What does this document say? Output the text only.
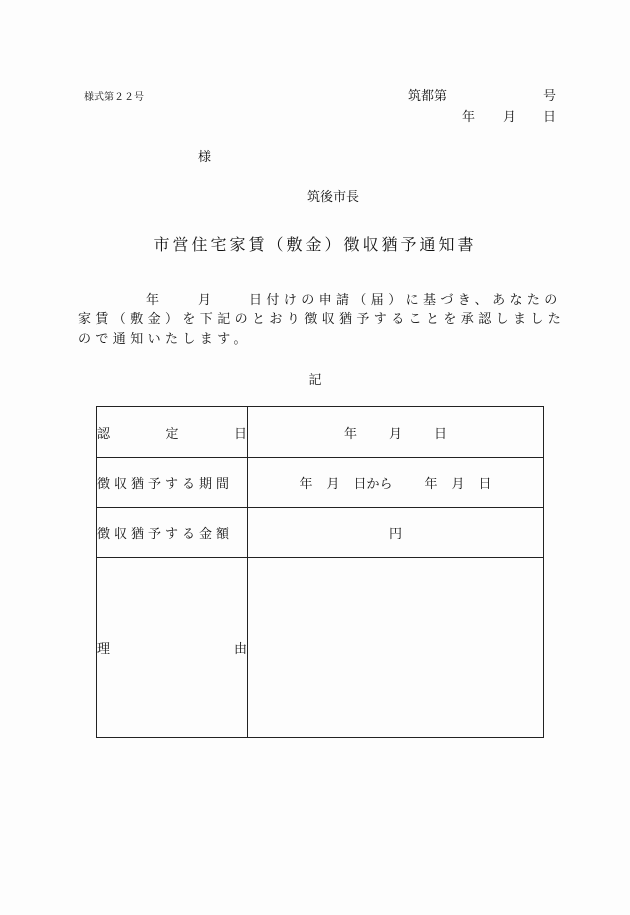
様式第２２号	筑都第	号
年 月 日
様
筑後市長
市営住宅家賃（敷金）徴収猶予通知書
年	月	日付けの申請（届）に基づき、あなたの
家賃（敷金）を下記のとおり徴収猶予することを承認しました
ので通知いたします。
記
認 定 日	年 月 日
徴収猶予する期間	年 月 日から 年 月 日
徴収猶予する金額	円

理 由	
